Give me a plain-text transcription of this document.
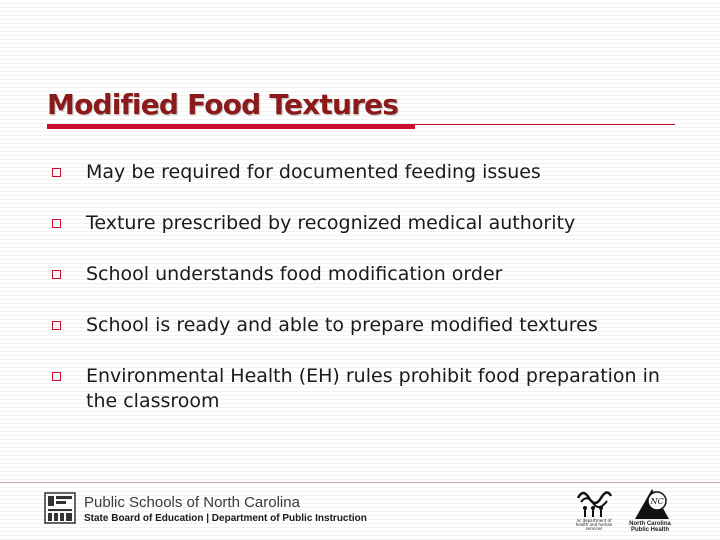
Modified Food Textures
May be required for documented feeding issues
Texture prescribed by recognized medical authority
School understands food modification order
School is ready and able to prepare modified textures
Environmental Health (EH) rules prohibit food preparation in the classroom
Public Schools of North Carolina
State Board of Education | Department of Public Instruction	nc department of health and human services
NC
North Carolina Public Health
